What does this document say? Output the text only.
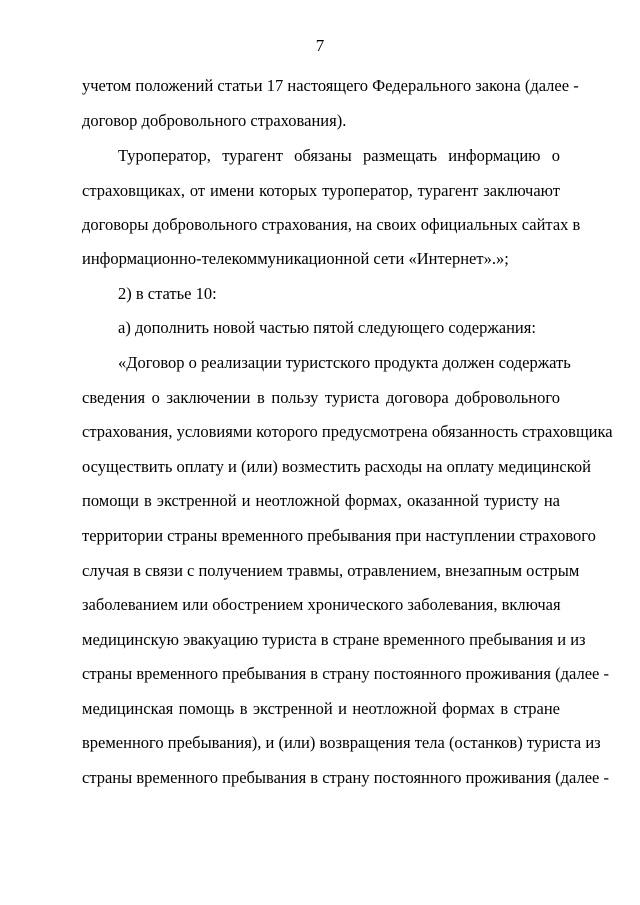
7
учетом положений статьи 17 настоящего Федерального закона (далее -
договор добровольного страхования).
Туроператор, турагент обязаны размещать информацию о
страховщиках, от имени которых туроператор, турагент заключают
договоры добровольного страхования, на своих официальных сайтах в
информационно-телекоммуникационной сети «Интернет».»;
2) в статье 10:
а) дополнить новой частью пятой следующего содержания:
«Договор о реализации туристского продукта должен содержать
сведения о заключении в пользу туриста договора добровольного
страхования, условиями которого предусмотрена обязанность страховщика
осуществить оплату и (или) возместить расходы на оплату медицинской
помощи в экстренной и неотложной формах, оказанной туристу на
территории страны временного пребывания при наступлении страхового
случая в связи с получением травмы, отравлением, внезапным острым
заболеванием или обострением хронического заболевания, включая
медицинскую эвакуацию туриста в стране временного пребывания и из
страны временного пребывания в страну постоянного проживания (далее -
медицинская помощь в экстренной и неотложной формах в стране
временного пребывания), и (или) возвращения тела (останков) туриста из
страны временного пребывания в страну постоянного проживания (далее -
